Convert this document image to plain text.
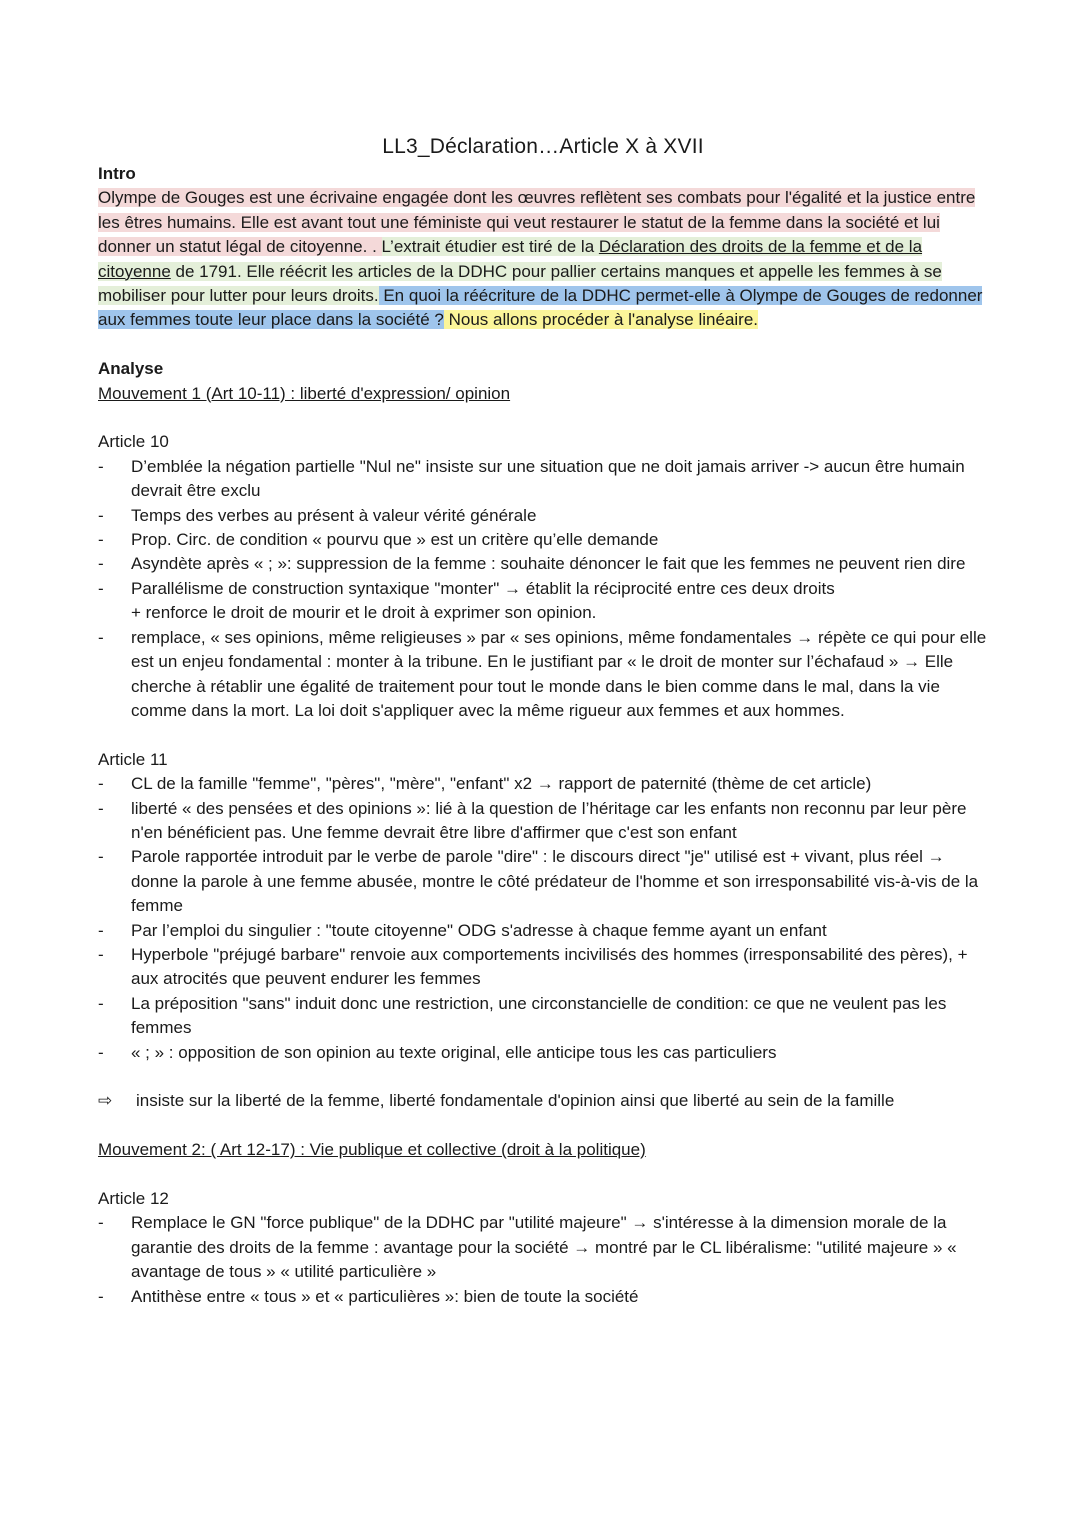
LL3_Déclaration…Article X à XVII
Intro

Olympe de Gouges est une écrivaine engagée dont les œuvres reflètent ses combats pour l'égalité et la justice entre les êtres humains. Elle est avant tout une féministe qui veut restaurer le statut de la femme dans la société et lui donner un statut légal de citoyenne. . L’extrait étudier est tiré de la Déclaration des droits de la femme et de la citoyenne de 1791. Elle réécrit les articles de la DDHC pour pallier certains manques et appelle les femmes à se mobiliser pour lutter pour leurs droits. En quoi la réécriture de la DDHC permet-elle à Olympe de Gouges de redonner aux femmes toute leur place dans la société ? Nous allons procéder à l'analyse linéaire.

Analyse
Mouvement 1 (Art 10-11) : liberté d'expression/ opinion
Article 10
- D’emblée la négation partielle "Nul ne" insiste sur une situation que ne doit jamais arriver -> aucun être humain devrait être exclu
- Temps des verbes au présent à valeur vérité générale
- Prop. Circ. de condition « pourvu que » est un critère qu’elle demande
- Asyndète après « ; »: suppression de la femme : souhaite dénoncer le fait que les femmes ne peuvent rien dire
- Parallélisme de construction syntaxique "monter" → établit la réciprocité entre ces deux droits
+ renforce le droit de mourir et le droit à exprimer son opinion.
- remplace, « ses opinions, même religieuses » par « ses opinions, même fondamentales → répète ce qui pour elle est un enjeu fondamental : monter à la tribune. En le justifiant par « le droit de monter sur l’échafaud » → Elle cherche à rétablir une égalité de traitement pour tout le monde dans le bien comme dans le mal, dans la vie comme dans la mort. La loi doit s'appliquer avec la même rigueur aux femmes et aux hommes.
Article 11
- CL de la famille "femme", "pères", "mère", "enfant" x2 → rapport de paternité (thème de cet article)
- liberté « des pensées et des opinions »: lié à la question de l’héritage car les enfants non reconnu par leur père n'en bénéficient pas. Une femme devrait être libre d'affirmer que c'est son enfant
- Parole rapportée introduit par le verbe de parole "dire" : le discours direct "je" utilisé est + vivant, plus réel → donne la parole à une femme abusée, montre le côté prédateur de l'homme et son irresponsabilité vis-à-vis de la femme
- Par l’emploi du singulier : "toute citoyenne" ODG s'adresse à chaque femme ayant un enfant
- Hyperbole "préjugé barbare" renvoie aux comportements incivilisés des hommes (irresponsabilité des pères), + aux atrocités que peuvent endurer les femmes
- La préposition "sans" induit donc une restriction, une circonstancielle de condition: ce que ne veulent pas les femmes
- « ; » : opposition de son opinion au texte original, elle anticipe tous les cas particuliers
⇨ insiste sur la liberté de la femme, liberté fondamentale d'opinion ainsi que liberté au sein de la famille
Mouvement 2: ( Art 12-17) : Vie publique et collective (droit à la politique)
Article 12
- Remplace le GN "force publique" de la DDHC par "utilité majeure" → s'intéresse à la dimension morale de la garantie des droits de la femme : avantage pour la société → montré par le CL libéralisme: "utilité majeure » « avantage de tous » « utilité particulière »
- Antithèse entre « tous » et « particulières »: bien de toute la société
